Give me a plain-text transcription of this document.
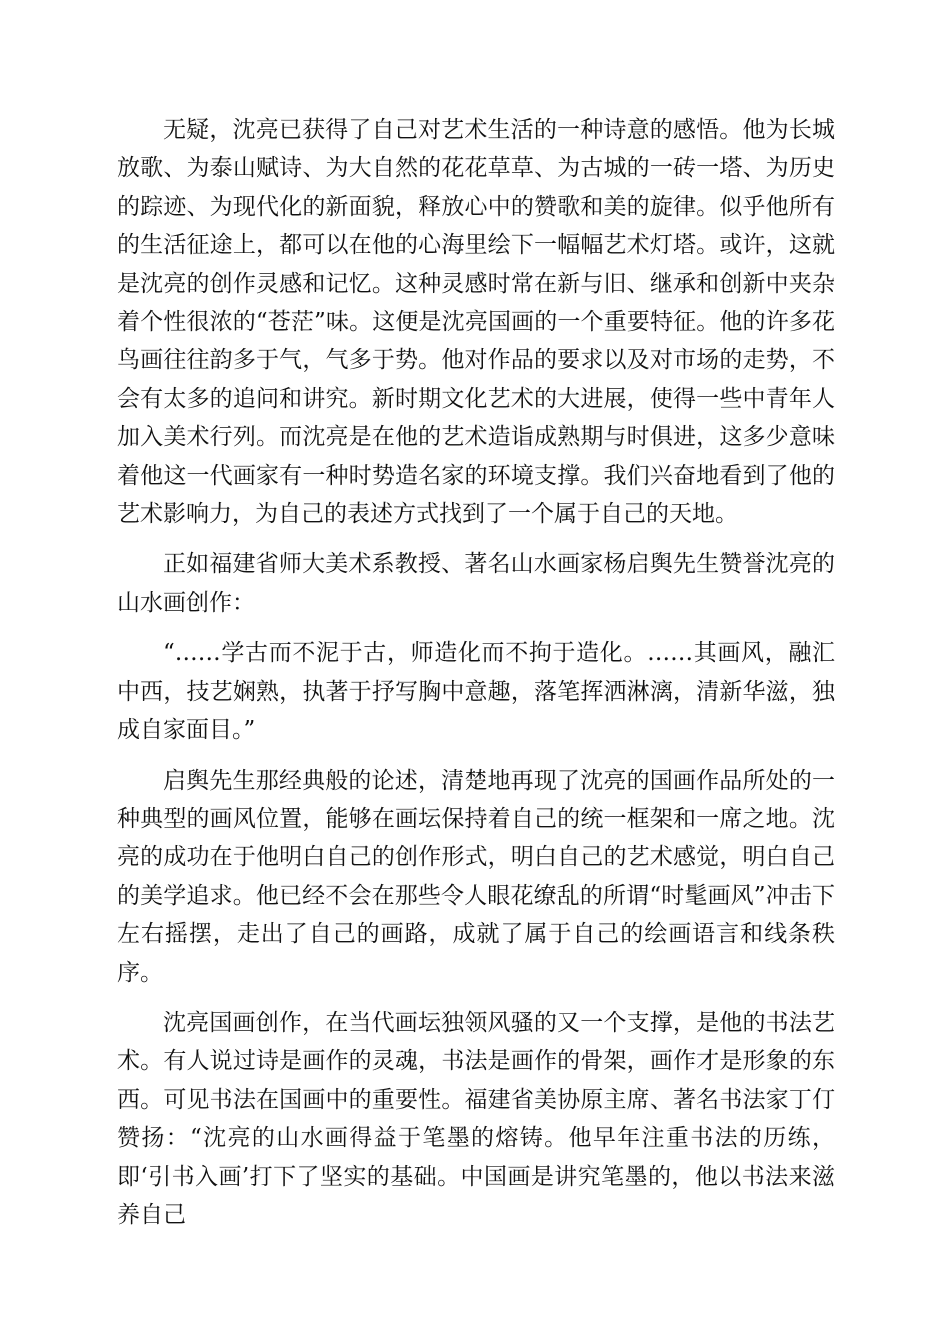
无疑，沈亮已获得了自己对艺术生活的一种诗意的感悟。他为长城放歌、为泰山赋诗、为大自然的花花草草、为古城的一砖一塔、为历史的踪迹、为现代化的新面貌，释放心中的赞歌和美的旋律。似乎他所有的生活征途上，都可以在他的心海里绘下一幅幅艺术灯塔。或许，这就是沈亮的创作灵感和记忆。这种灵感时常在新与旧、继承和创新中夹杂着个性很浓的“苍茫”味。这便是沈亮国画的一个重要特征。他的许多花鸟画往往韵多于气，气多于势。他对作品的要求以及对市场的走势，不会有太多的追问和讲究。新时期文化艺术的大进展，使得一些中青年人加入美术行列。而沈亮是在他的艺术造诣成熟期与时俱进，这多少意味着他这一代画家有一种时势造名家的环境支撑。我们兴奋地看到了他的艺术影响力，为自己的表述方式找到了一个属于自己的天地。

正如福建省师大美术系教授、著名山水画家杨启舆先生赞誉沈亮的山水画创作：

“……学古而不泥于古，师造化而不拘于造化。……其画风，融汇中西，技艺娴熟，执著于抒写胸中意趣，落笔挥洒淋漓，清新华滋，独成自家面目。”

启舆先生那经典般的论述，清楚地再现了沈亮的国画作品所处的一种典型的画风位置，能够在画坛保持着自己的统一框架和一席之地。沈亮的成功在于他明白自己的创作形式，明白自己的艺术感觉，明白自己的美学追求。他已经不会在那些令人眼花缭乱的所谓“时髦画风”冲击下左右摇摆，走出了自己的画路，成就了属于自己的绘画语言和线条秩序。

沈亮国画创作，在当代画坛独领风骚的又一个支撑，是他的书法艺术。有人说过诗是画作的灵魂，书法是画作的骨架，画作才是形象的东西。可见书法在国画中的重要性。福建省美协原主席、著名书法家丁仃赞扬：“沈亮的山水画得益于笔墨的熔铸。他早年注重书法的历练，即‘引书入画’打下了坚实的基础。中国画是讲究笔墨的，他以书法来滋养自己
